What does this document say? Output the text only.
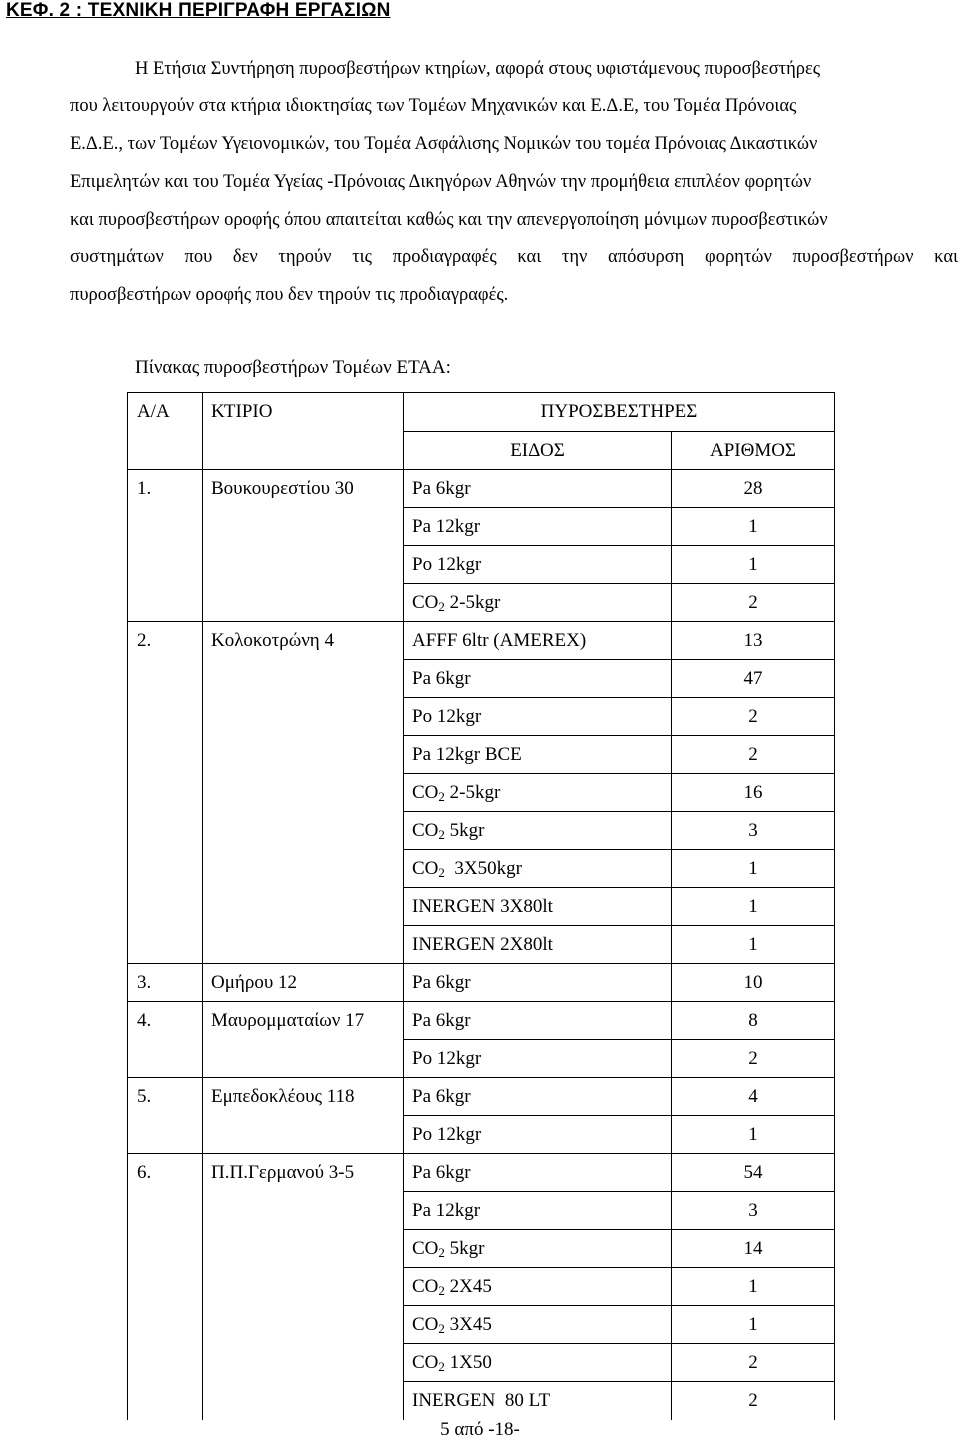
ΚΕΦ. 2 : ΤΕΧΝΙΚΗ ΠΕΡΙΓΡΑΦΗ ΕΡΓΑΣΙΩΝ
Η Ετήσια Συντήρηση πυροσβεστήρων κτηρίων, αφορά στους υφιστάμενους πυροσβεστήρες
που λειτουργούν στα κτήρια ιδιοκτησίας των Τομέων Μηχανικών και Ε.Δ.Ε, του Τομέα Πρόνοιας
Ε.Δ.Ε., των Τομέων Υγειονομικών, του Τομέα Ασφάλισης Νομικών του τομέα Πρόνοιας Δικαστικών
Επιμελητών και του Τομέα Υγείας -Πρόνοιας Δικηγόρων Αθηνών την προμήθεια επιπλέον φορητών
και πυροσβεστήρων οροφής όπου απαιτείται καθώς και την απενεργοποίηση μόνιμων πυροσβεστικών
συστημάτων που δεν τηρούν τις προδιαγραφές και την απόσυρση φορητών πυροσβεστήρων και
πυροσβεστήρων οροφής που δεν τηρούν τις προδιαγραφές.
Πίνακας πυροσβεστήρων Τομέων ΕΤΑΑ:
Α/Α	ΚΤΙΡΙΟ	ΠΥΡΟΣΒΕΣΤΗΡΕΣ	
		ΕΙΔΟΣ	ΑΡΙΘΜΟΣ
1.	Βουκουρεστίου 30	Pa 6kgr	28
		Pa 12kgr	1
		Po 12kgr	1
		$CO_2$ 2-5kgr	2
2.	Κολοκοτρώνη 4	AFFF 6ltr (AMEREX)	13
		Pa 6kgr	47
		Po 12kgr	2
		Pa 12kgr BCE	2
		$CO_2$ 2-5kgr	16
		$CO_2$ 5kgr	3
		$CO_2$  3X50kgr	1
		INERGEN 3X80lt	1
		INERGEN 2X80lt	1
3.	Ομήρου 12	Pa 6kgr	10
4.	Μαυρομματαίων 17	Pa 6kgr	8
		Po 12kgr	2
5.	Εμπεδοκλέους 118	Pa 6kgr	4
		Po 12kgr	1
6.	Π.Π.Γερμανού 3-5	Pa 6kgr	54
		Pa 12kgr	3
		$CO_2$ 5kgr	14
		$CO_2$ 2X45	1
		$CO_2$ 3X45	1
		$CO_2$ 1X50	2
		INERGEN  80 LT	2
5 από -18-
